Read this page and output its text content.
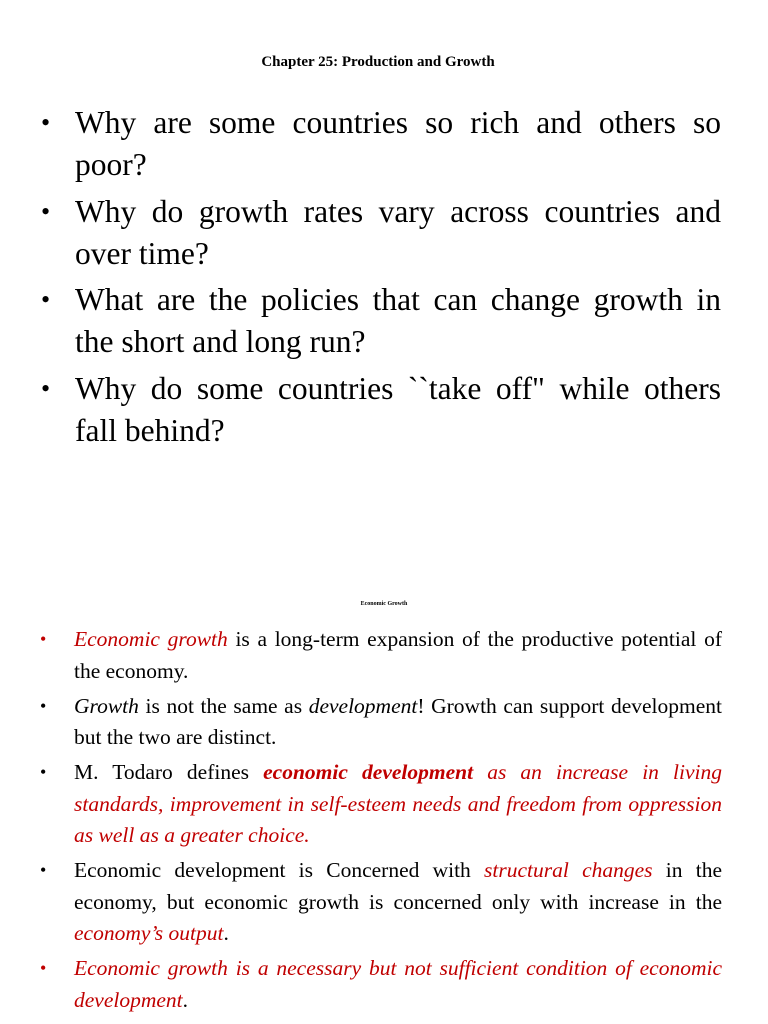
Chapter 25: Production and Growth
• Why are some countries so rich and others so poor?
• Why do growth rates vary across countries and over time?
• What are the policies that can change growth in the short and long run?
• Why do some countries ``take off" while others fall behind?
Economic Growth
• Economic growth is a long-term expansion of the productive potential of the economy.
• Growth is not the same as development! Growth can support development but the two are distinct.
• M. Todaro defines economic development as an increase in living standards, improvement in self-esteem needs and freedom from oppression as well as a greater choice.
• Economic development is Concerned with structural changes in the economy, but economic growth is concerned only with increase in the economy’s output.
• Economic growth is a necessary but not sufficient condition of economic development.
